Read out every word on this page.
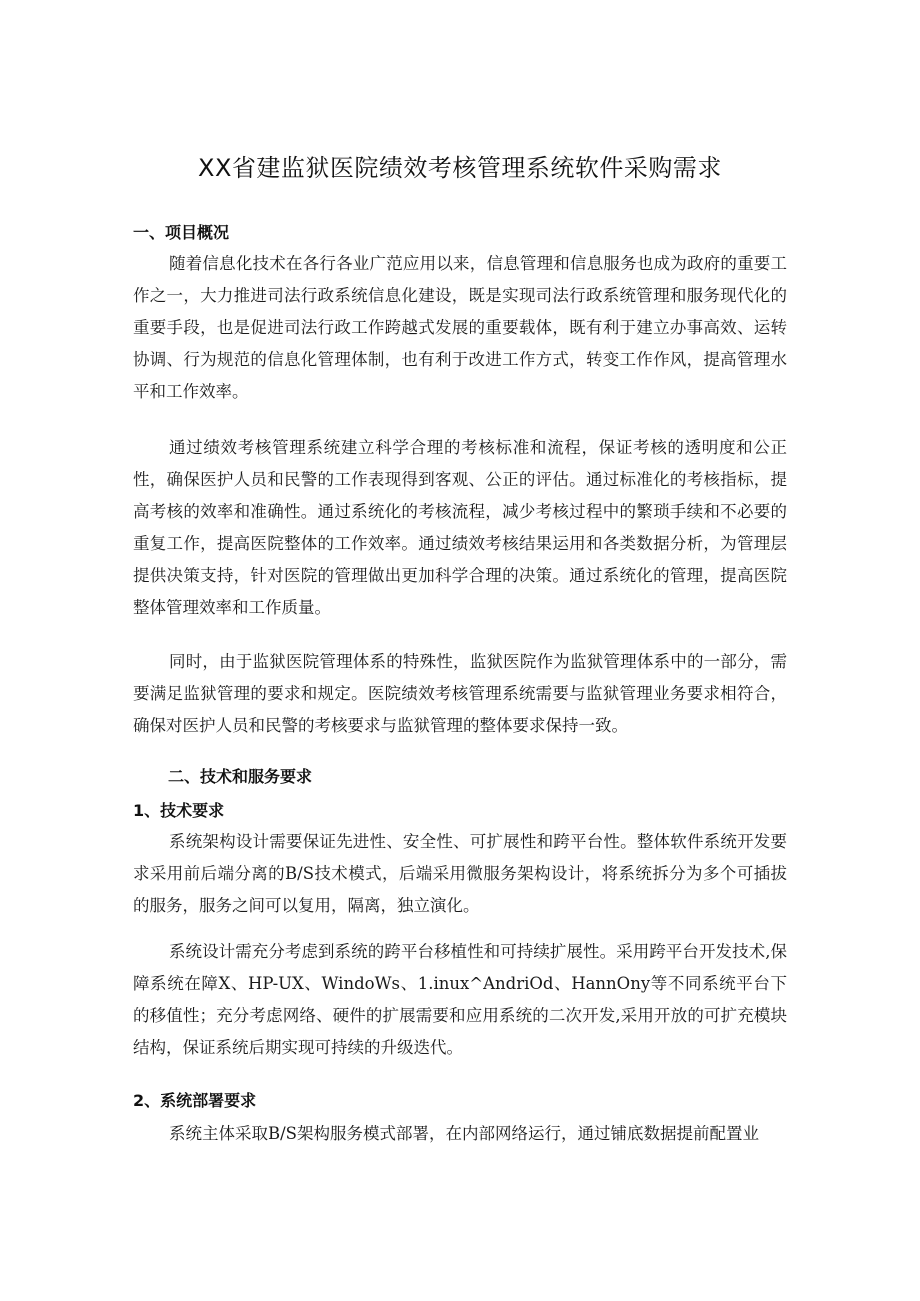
XX省建监狱医院绩效考核管理系统软件采购需求
一、项目概况

随着信息化技术在各行各业广范应用以来，信息管理和信息服务也成为政府的重要工作之一，大力推进司法行政系统信息化建设，既是实现司法行政系统管理和服务现代化的重要手段，也是促进司法行政工作跨越式发展的重要载体，既有利于建立办事高效、运转协调、行为规范的信息化管理体制，也有利于改进工作方式，转变工作作风，提高管理水平和工作效率。

通过绩效考核管理系统建立科学合理的考核标准和流程，保证考核的透明度和公正性，确保医护人员和民警的工作表现得到客观、公正的评估。通过标准化的考核指标，提高考核的效率和准确性。通过系统化的考核流程，减少考核过程中的繁琐手续和不必要的重复工作，提高医院整体的工作效率。通过绩效考核结果运用和各类数据分析，为管理层提供决策支持，针对医院的管理做出更加科学合理的决策。通过系统化的管理，提高医院整体管理效率和工作质量。

同时，由于监狱医院管理体系的特殊性，监狱医院作为监狱管理体系中的一部分，需要满足监狱管理的要求和规定。医院绩效考核管理系统需要与监狱管理业务要求相符合，确保对医护人员和民警的考核要求与监狱管理的整体要求保持一致。

二、技术和服务要求
1、技术要求

系统架构设计需要保证先进性、安全性、可扩展性和跨平台性。整体软件系统开发要求采用前后端分离的B/S技术模式，后端采用微服务架构设计，将系统拆分为多个可插拔的服务，服务之间可以复用，隔离，独立演化。

系统设计需充分考虑到系统的跨平台移植性和可持续扩展性。采用跨平台开发技术,保障系统在障X、HP-UX、WindoWs、1.inux^AndriOd、HannOny等不同系统平台下的移值性；充分考虑网络、硬件的扩展需要和应用系统的二次开发,采用开放的可扩充模块结构，保证系统后期实现可持续的升级迭代。

2、系统部署要求

系统主体采取B/S架构服务模式部署，在内部网络运行，通过铺底数据提前配置业
